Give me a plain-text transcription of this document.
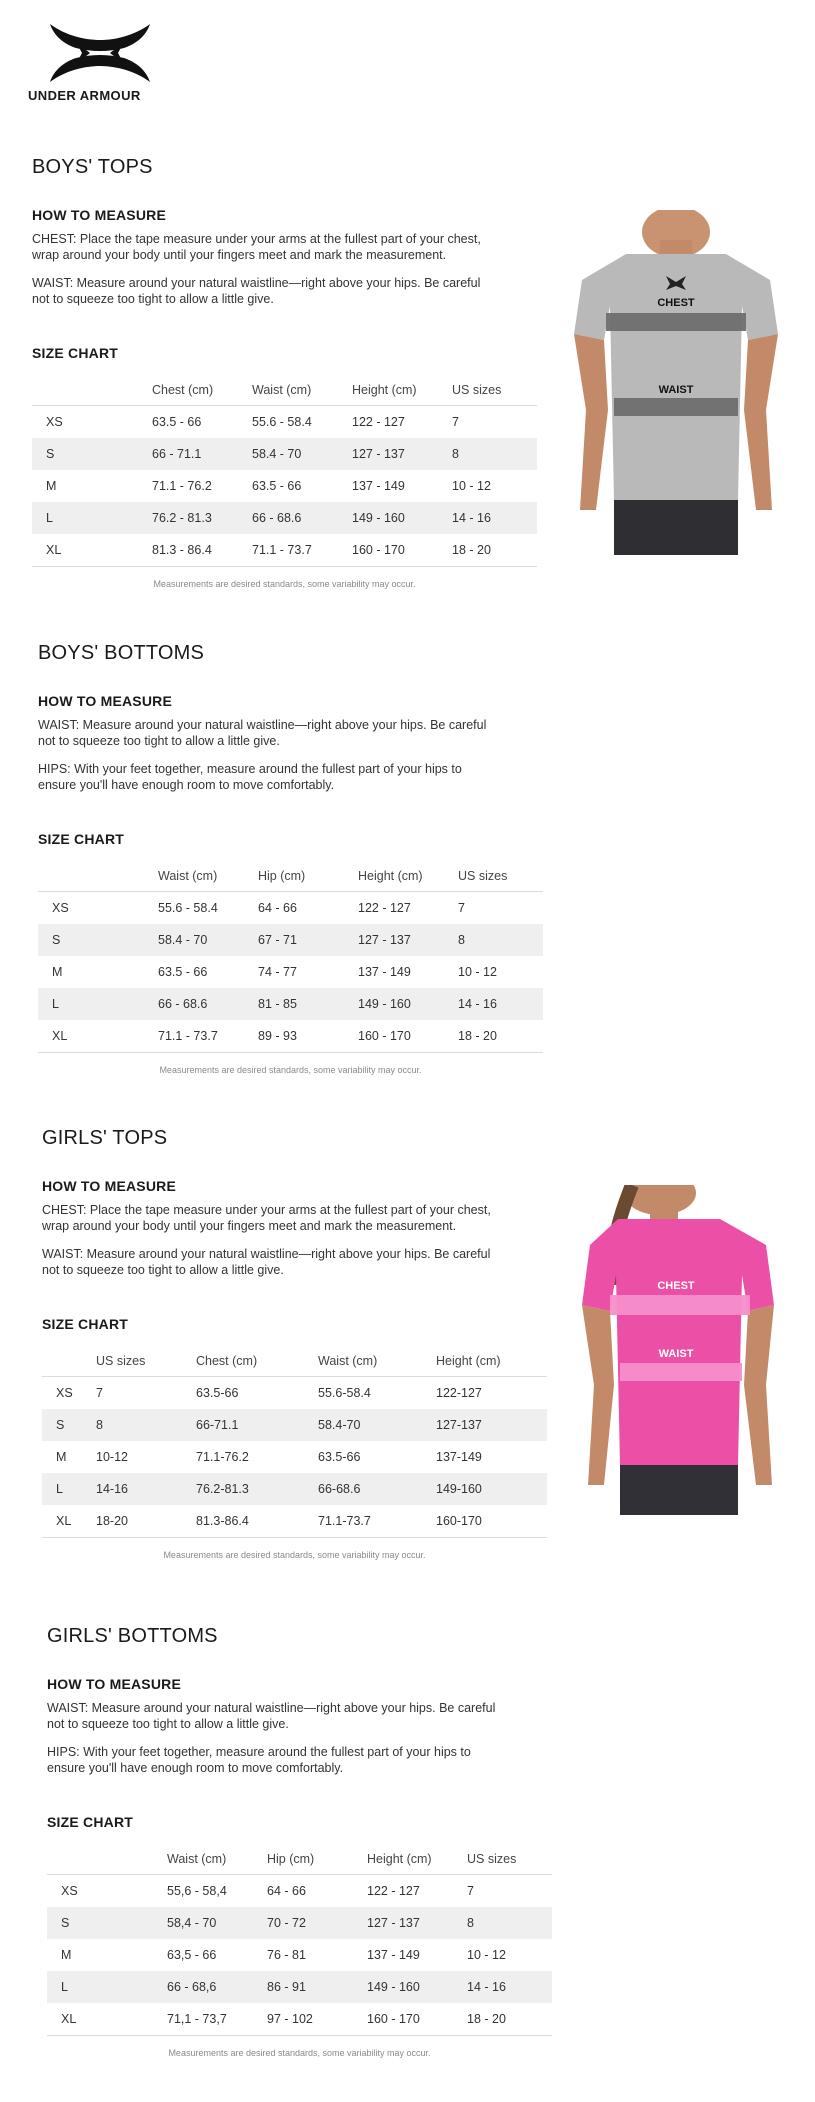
UNDER ARMOUR
BOYS' TOPS
HOW TO MEASURE

CHEST: Place the tape measure under your arms at the fullest part of your chest, wrap around your body until your fingers meet and mark the measurement.

WAIST: Measure around your natural waistline—right above your hips. Be careful not to squeeze too tight to allow a little give.

SIZE CHART
	Chest (cm)	Waist (cm)	Height (cm)	US sizes
XS	63.5 - 66	55.6 - 58.4	122 - 127	7
S	66 - 71.1	58.4 - 70	127 - 137	8
M	71.1 - 76.2	63.5 - 66	137 - 149	10 - 12
L	76.2 - 81.3	66 - 68.6	149 - 160	14 - 16
XL	81.3 - 86.4	71.1 - 73.7	160 - 170	18 - 20
Measurements are desired standards, some variability may occur.
CHEST
WAIST
BOYS' BOTTOMS
HOW TO MEASURE

WAIST: Measure around your natural waistline—right above your hips. Be careful not to squeeze too tight to allow a little give.

HIPS: With your feet together, measure around the fullest part of your hips to ensure you'll have enough room to move comfortably.

SIZE CHART
	Waist (cm)	Hip (cm)	Height (cm)	US sizes
XS	55.6 - 58.4	64 - 66	122 - 127	7
S	58.4 - 70	67 - 71	127 - 137	8
M	63.5 - 66	74 - 77	137 - 149	10 - 12
L	66 - 68.6	81 - 85	149 - 160	14 - 16
XL	71.1 - 73.7	89 - 93	160 - 170	18 - 20
Measurements are desired standards, some variability may occur.
GIRLS' TOPS
HOW TO MEASURE

CHEST: Place the tape measure under your arms at the fullest part of your chest, wrap around your body until your fingers meet and mark the measurement.

WAIST: Measure around your natural waistline—right above your hips. Be careful not to squeeze too tight to allow a little give.

SIZE CHART
	US sizes	Chest (cm)	Waist (cm)	Height (cm)
XS	7	63.5-66	55.6-58.4	122-127
S	8	66-71.1	58.4-70	127-137
M	10-12	71.1-76.2	63.5-66	137-149
L	14-16	76.2-81.3	66-68.6	149-160
XL	18-20	81.3-86.4	71.1-73.7	160-170
Measurements are desired standards, some variability may occur.
CHEST
WAIST
GIRLS' BOTTOMS
HOW TO MEASURE

WAIST: Measure around your natural waistline—right above your hips. Be careful not to squeeze too tight to allow a little give.

HIPS: With your feet together, measure around the fullest part of your hips to ensure you'll have enough room to move comfortably.

SIZE CHART
	Waist (cm)	Hip (cm)	Height (cm)	US sizes
XS	55,6 - 58,4	64 - 66	122 - 127	7
S	58,4 - 70	70 - 72	127 - 137	8
M	63,5 - 66	76 - 81	137 - 149	10 - 12
L	66 - 68,6	86 - 91	149 - 160	14 - 16
XL	71,1 - 73,7	97 - 102	160 - 170	18 - 20
Measurements are desired standards, some variability may occur.
